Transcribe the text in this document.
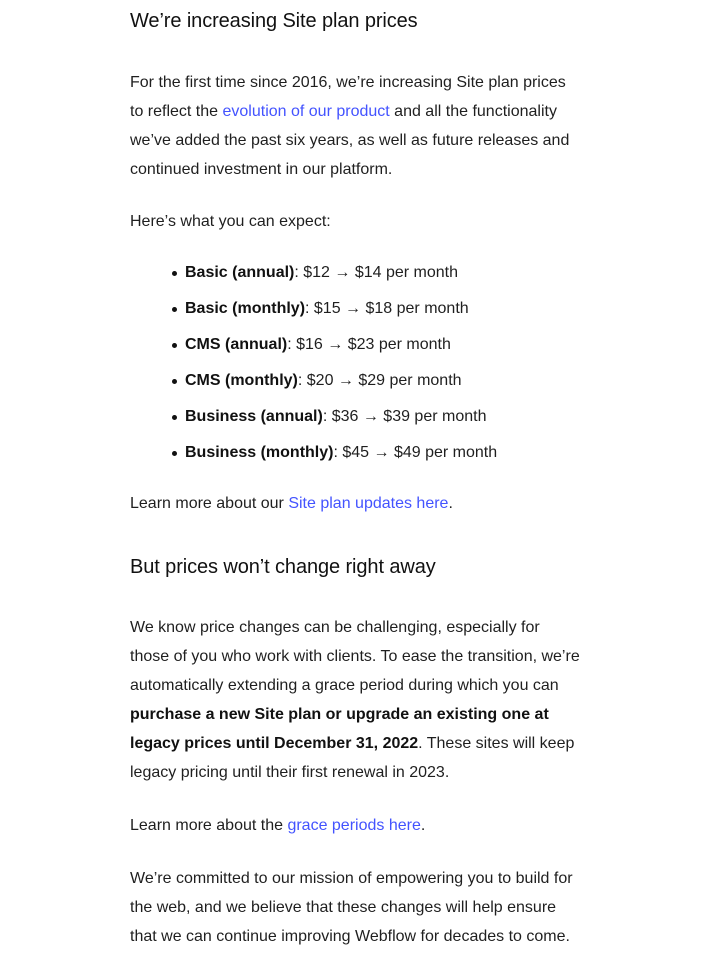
We’re increasing Site plan prices

For the first time since 2016, we’re increasing Site plan prices to reflect the evolution of our product and all the functionality we’ve added the past six years, as well as future releases and continued investment in our platform.

Here’s what you can expect:

Basic (annual): $12 → $14 per month
Basic (monthly): $15 → $18 per month
CMS (annual): $16 → $23 per month
CMS (monthly): $20 → $29 per month
Business (annual): $36 → $39 per month
Business (monthly): $45 → $49 per month

Learn more about our Site plan updates here.

But prices won’t change right away

We know price changes can be challenging, especially for those of you who work with clients. To ease the transition, we’re automatically extending a grace period during which you can purchase a new Site plan or upgrade an existing one at legacy prices until December 31, 2022. These sites will keep legacy pricing until their first renewal in 2023.

Learn more about the grace periods here.

We’re committed to our mission of empowering you to build for the web, and we believe that these changes will help ensure that we can continue improving Webflow for decades to come.
